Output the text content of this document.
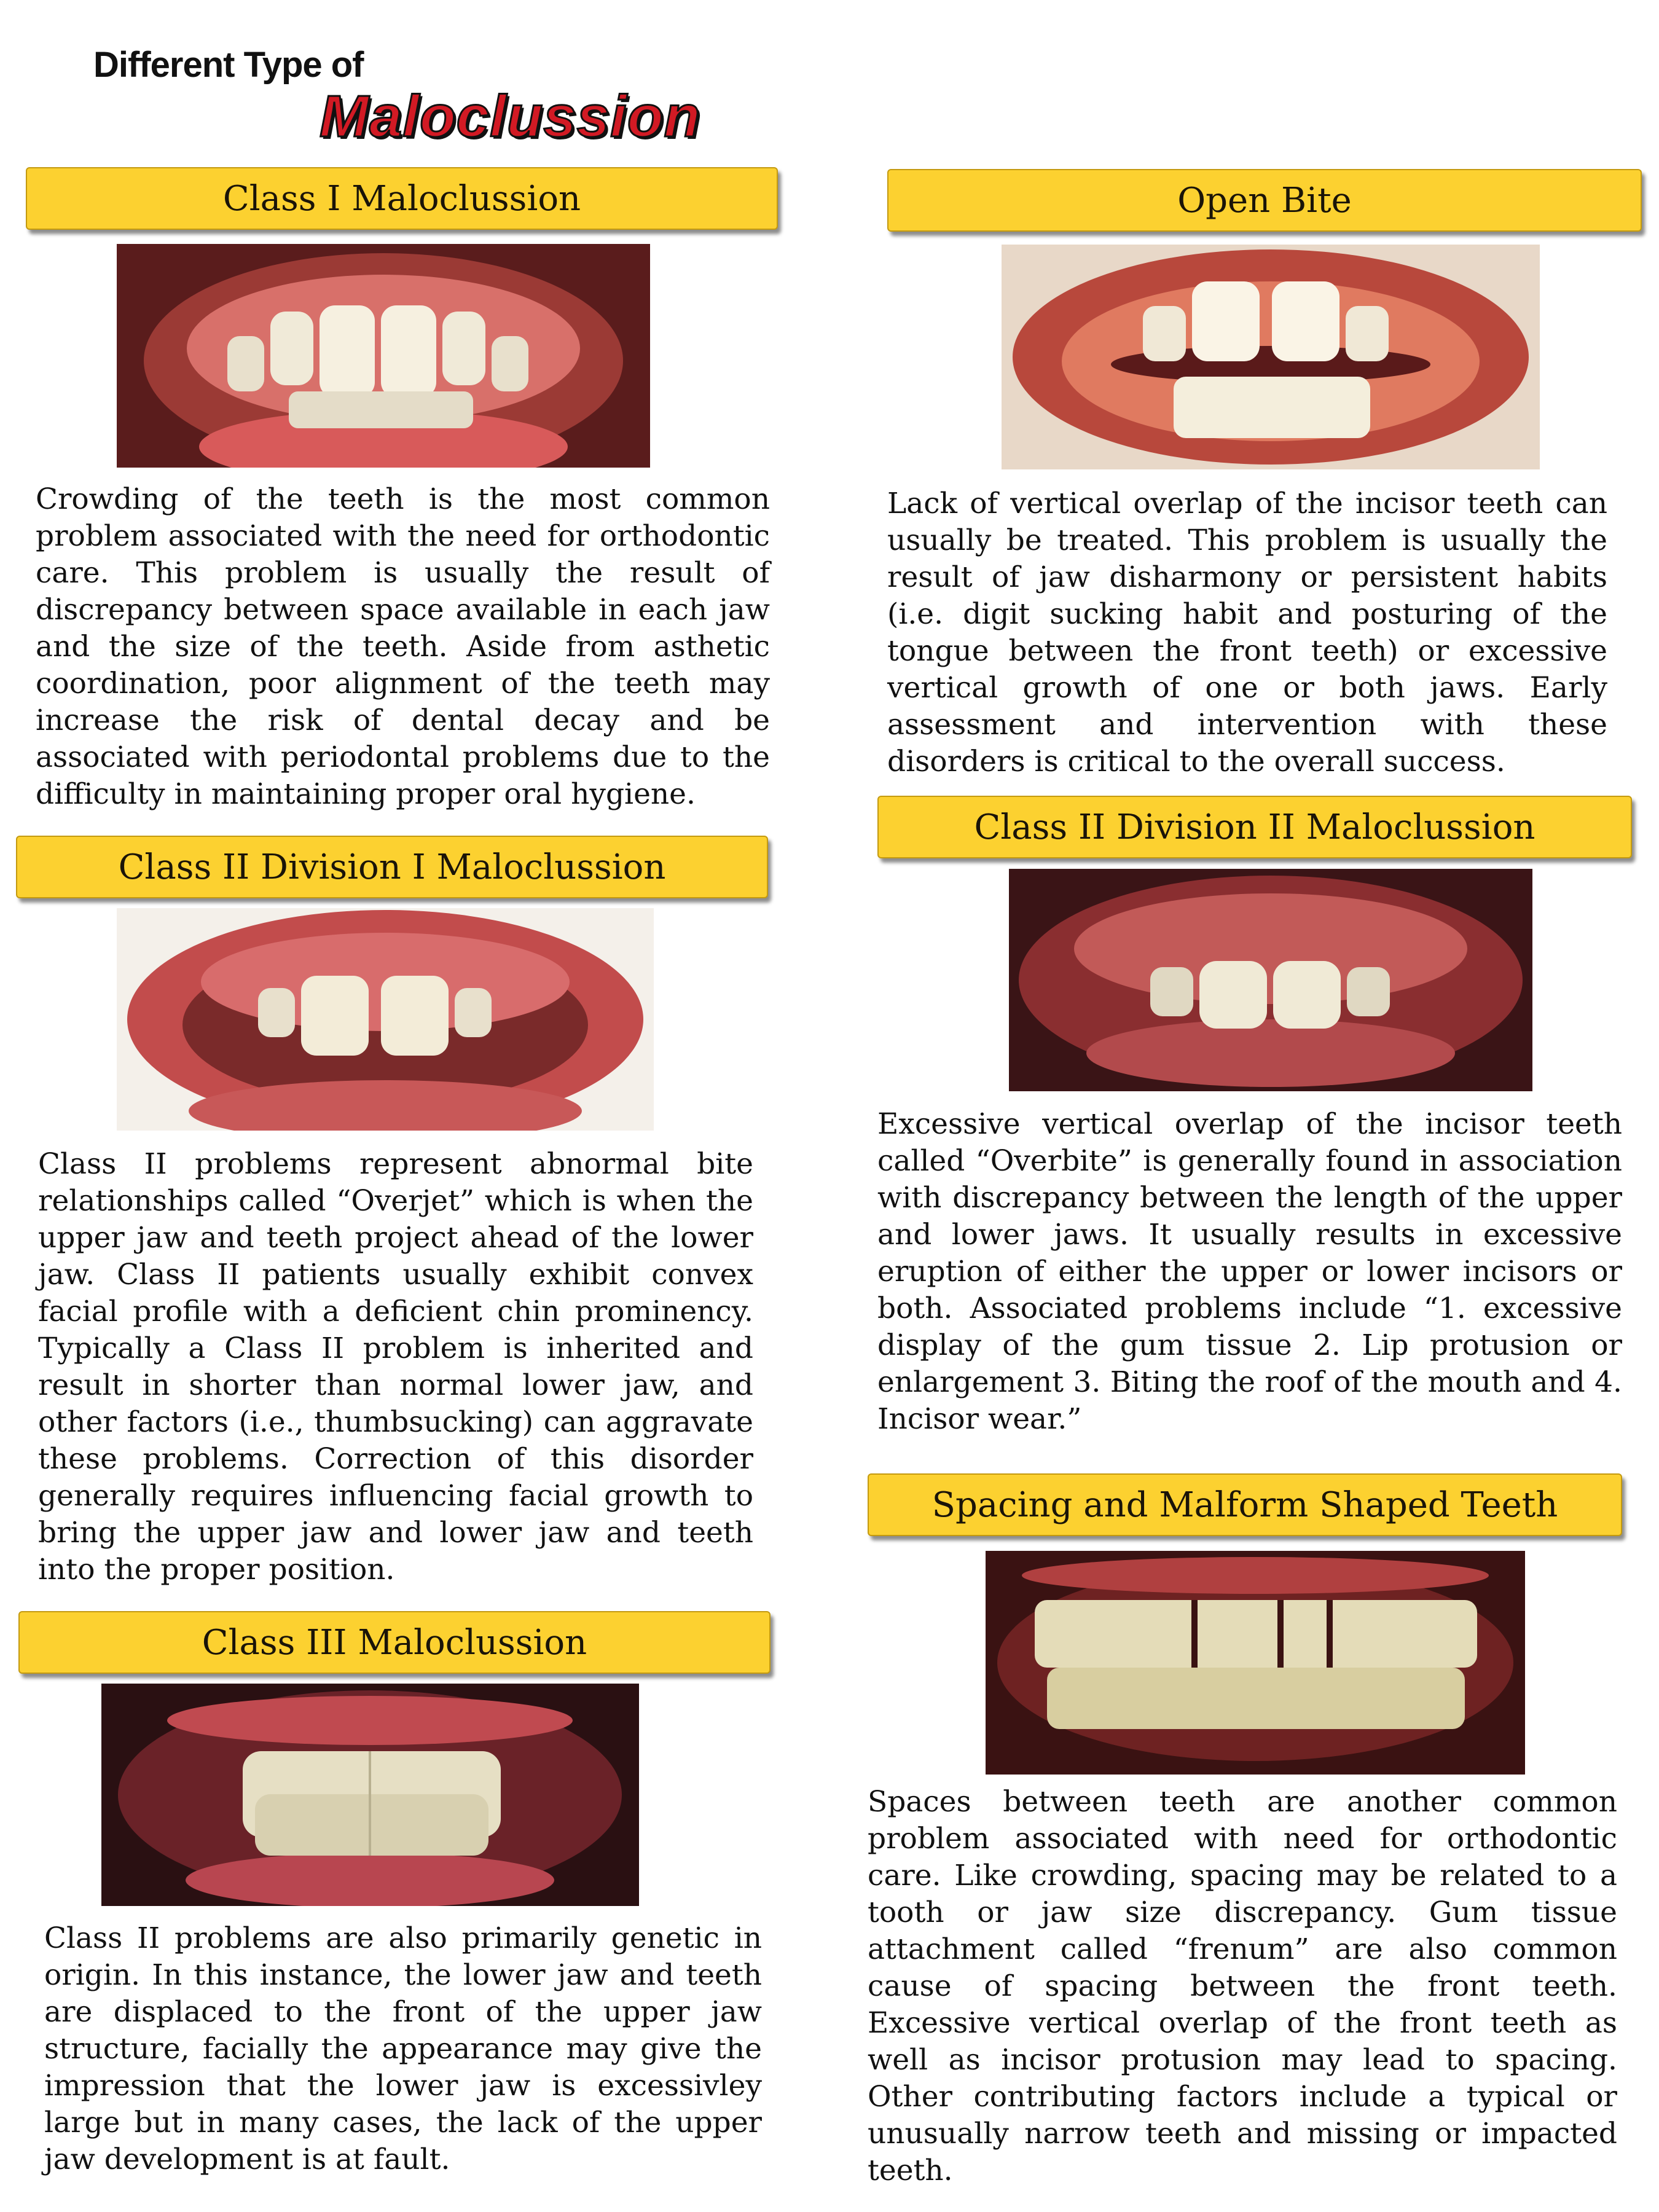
Different Type of
Maloclussion
Class I Maloclussion

Crowding of the teeth is the most common problem associated with the need for orthodontic care. This problem is usually the result of discrepancy between space available in each jaw and the size of the teeth. Aside from asthetic coordination, poor alignment of the teeth may increase the risk of dental decay and be associated with periodontal problems due to the difficulty in maintaining proper oral hygiene.

Class II Division I Maloclussion

Class II problems represent abnormal bite relationships called “Overjet” which is when the upper jaw and teeth project ahead of the lower jaw. Class II patients usually exhibit convex facial profile with a deficient chin prominency. Typically a Class II problem is inherited and result in shorter than normal lower jaw, and other factors (i.e., thumbsucking) can aggravate these problems. Correction of this disorder generally requires influencing facial growth to bring the upper jaw and lower jaw and teeth into the proper position.

Class III Maloclussion

Class II problems are also primarily genetic in origin. In this instance, the lower jaw and teeth are displaced to the front of the upper jaw structure, facially the appearance may give the impression that the lower jaw is excessivley large but in many cases, the lack of the upper jaw development is at fault.

Open Bite

Lack of vertical overlap of the incisor teeth can usually be treated. This problem is usually the result of jaw disharmony or persistent habits (i.e. digit sucking habit and posturing of the tongue between the front teeth) or excessive vertical growth of one or both jaws. Early assessment and intervention with these disorders is critical to the overall success.

Class II Division II Maloclussion

Excessive vertical overlap of the incisor teeth called “Overbite” is generally found in association with discrepancy between the length of the upper and lower jaws. It usually results in excessive eruption of either the upper or lower incisors or both. Associated problems include “1. excessive display of the gum tissue 2. Lip protusion or enlargement 3. Biting the roof of the mouth and 4. Incisor wear.”

Spacing and Malform Shaped Teeth

Spaces between teeth are another common problem associated with need for orthodontic care. Like crowding, spacing may be related to a tooth or jaw size discrepancy. Gum tissue attachment called “frenum” are also common cause of spacing between the front teeth. Excessive vertical overlap of the front teeth as well as incisor protusion may lead to spacing. Other contributing factors include a typical or unusually narrow teeth and missing or impacted teeth.
